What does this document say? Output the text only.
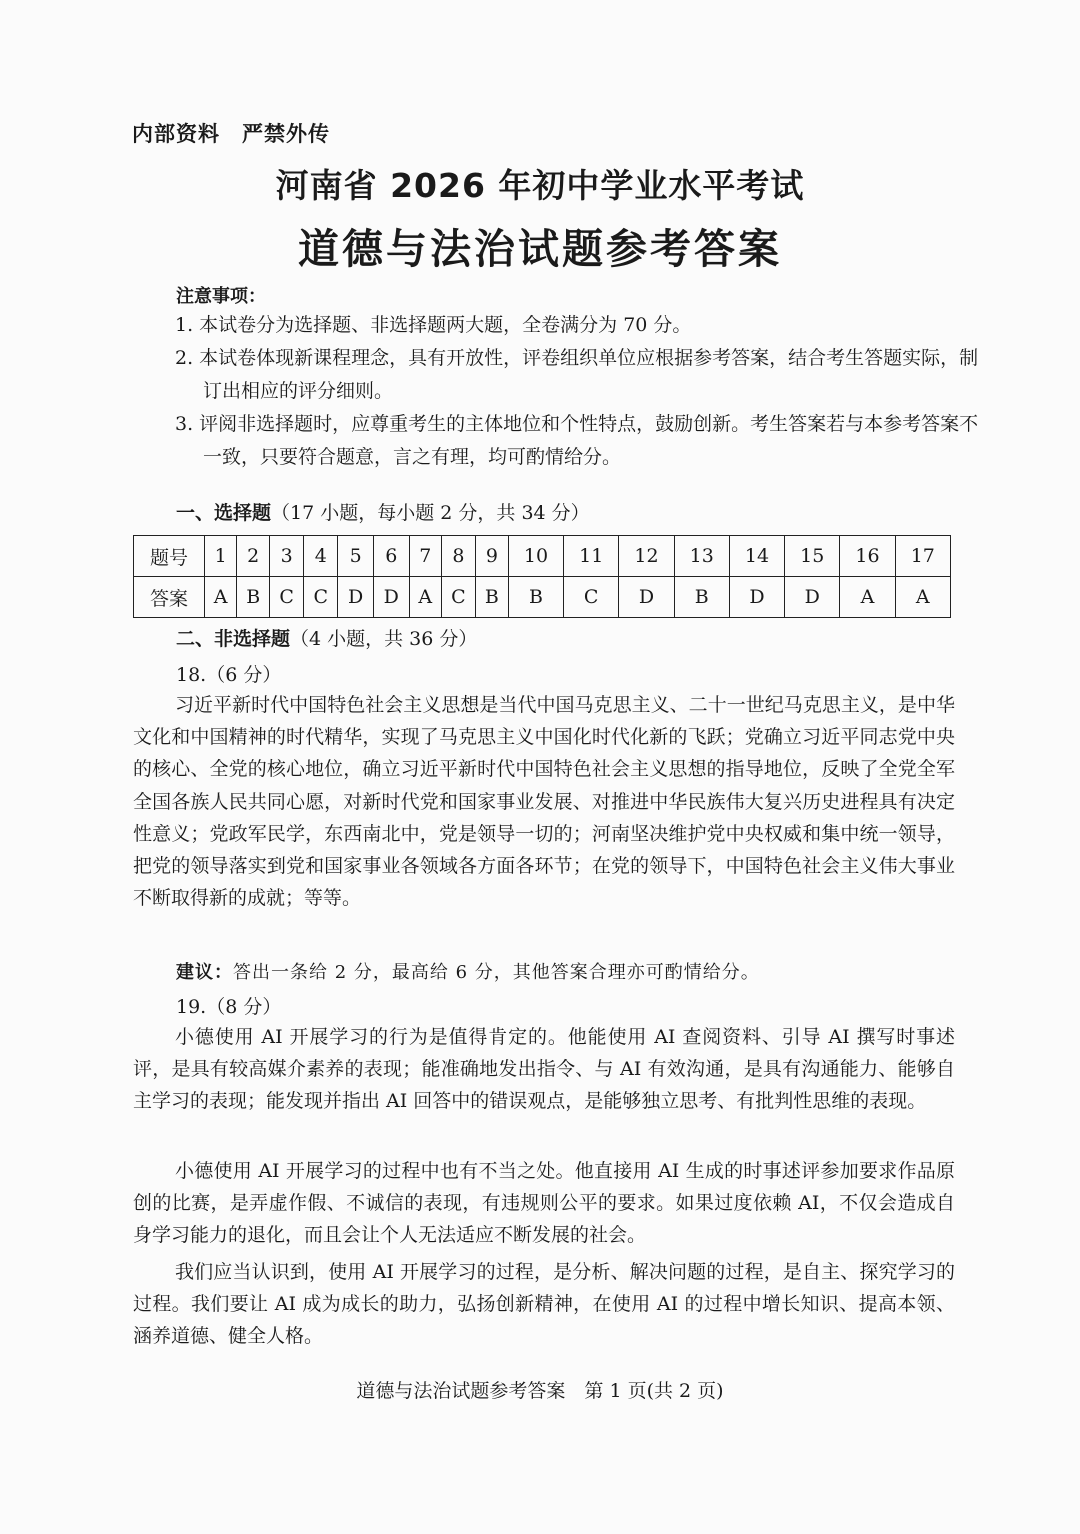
内部资料　严禁外传
河南省 2026 年初中学业水平考试
道德与法治试题参考答案
注意事项：
1. 本试卷分为选择题、非选择题两大题，全卷满分为 70 分。
2. 本试卷体现新课程理念，具有开放性，评卷组织单位应根据参考答案，结合考生答题实际，制订出相应的评分细则。
3. 评阅非选择题时，应尊重考生的主体地位和个性特点，鼓励创新。考生答案若与本参考答案不一致，只要符合题意，言之有理，均可酌情给分。
一、选择题（17 小题，每小题 2 分，共 34 分）
题号	1	2	3	4	5	6	7	8	9	10	11	12	13	14	15	16	17
答案	A	B	C	C	D	D	A	C	B	B	C	D	B	D	D	A	A
二、非选择题（4 小题，共 36 分）
18.（6 分）
习近平新时代中国特色社会主义思想是当代中国马克思主义、二十一世纪马克思主义，是中华文化和中国精神的时代精华，实现了马克思主义中国化时代化新的飞跃；党确立习近平同志党中央的核心、全党的核心地位，确立习近平新时代中国特色社会主义思想的指导地位，反映了全党全军全国各族人民共同心愿，对新时代党和国家事业发展、对推进中华民族伟大复兴历史进程具有决定性意义；党政军民学，东西南北中，党是领导一切的；河南坚决维护党中央权威和集中统一领导，把党的领导落实到党和国家事业各领域各方面各环节；在党的领导下，中国特色社会主义伟大事业不断取得新的成就；等等。
建议：答出一条给 2 分，最高给 6 分，其他答案合理亦可酌情给分。
19.（8 分）
小德使用 AI 开展学习的行为是值得肯定的。他能使用 AI 查阅资料、引导 AI 撰写时事述评，是具有较高媒介素养的表现；能准确地发出指令、与 AI 有效沟通，是具有沟通能力、能够自主学习的表现；能发现并指出 AI 回答中的错误观点，是能够独立思考、有批判性思维的表现。
小德使用 AI 开展学习的过程中也有不当之处。他直接用 AI 生成的时事述评参加要求作品原创的比赛，是弄虚作假、不诚信的表现，有违规则公平的要求。如果过度依赖 AI，不仅会造成自身学习能力的退化，而且会让个人无法适应不断发展的社会。
我们应当认识到，使用 AI 开展学习的过程，是分析、解决问题的过程，是自主、探究学习的过程。我们要让 AI 成为成长的助力，弘扬创新精神，在使用 AI 的过程中增长知识、提高本领、涵养道德、健全人格。
道德与法治试题参考答案　第 1 页(共 2 页)
